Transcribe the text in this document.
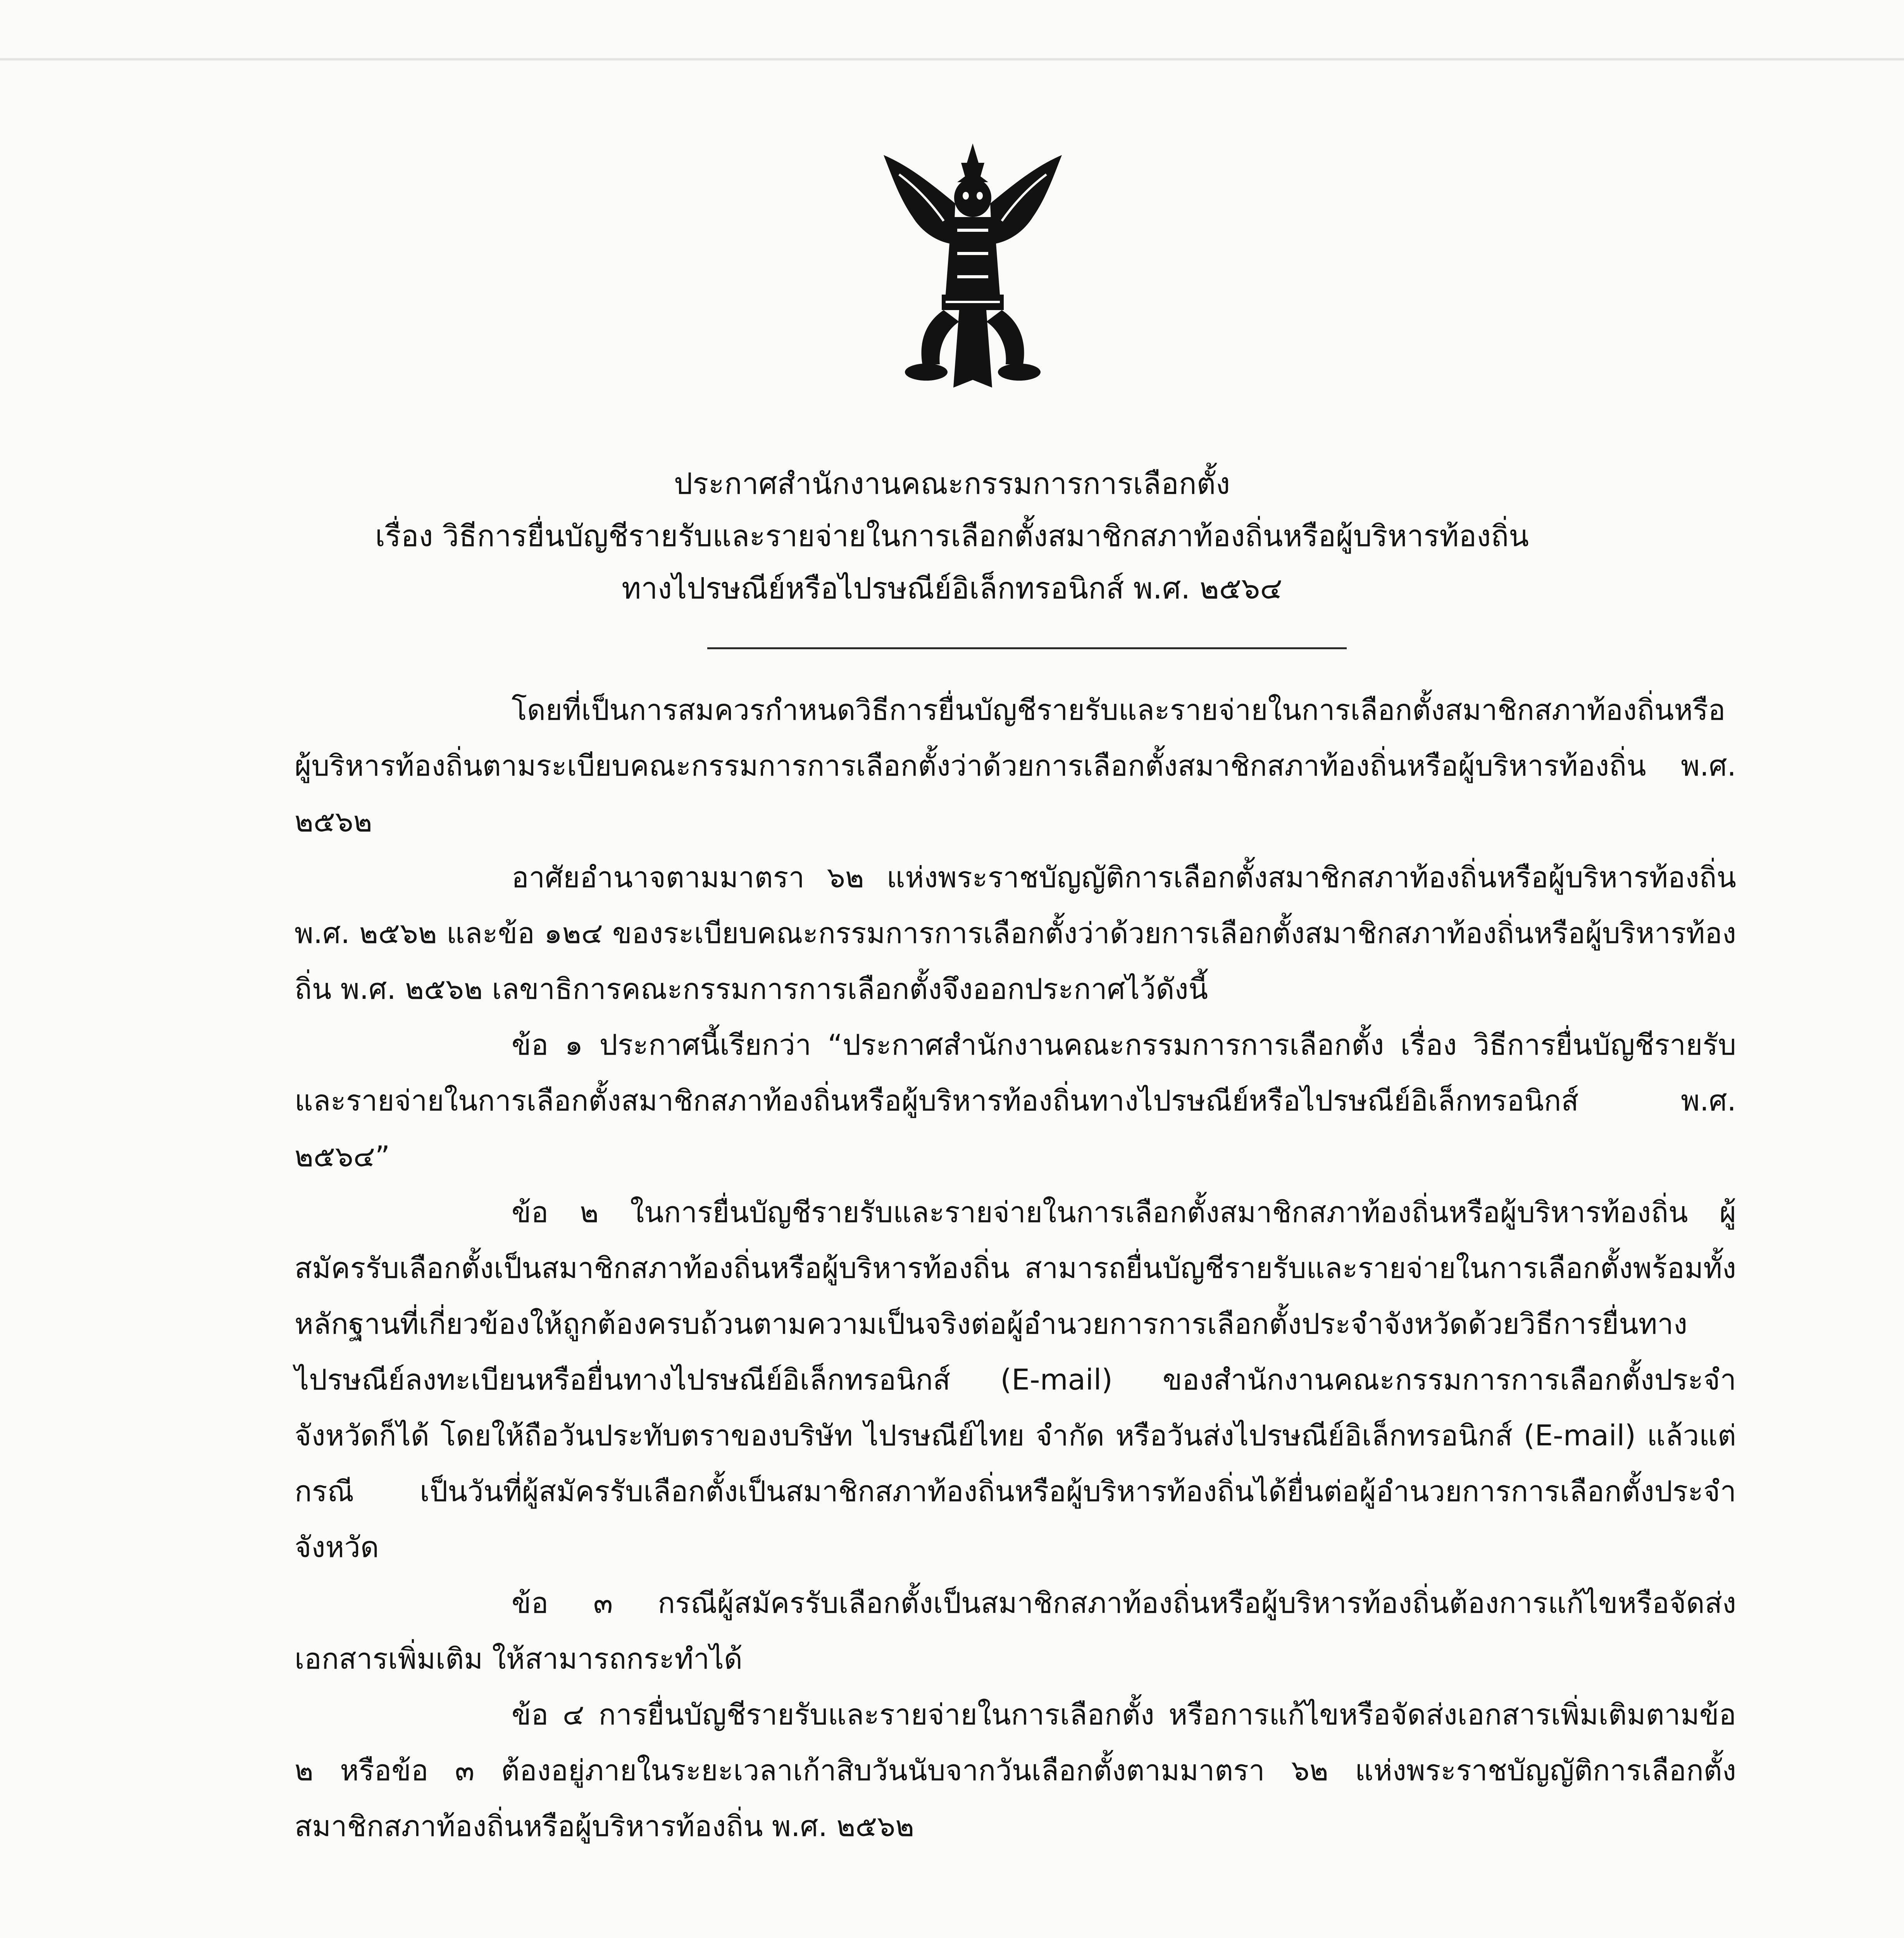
ประกาศสำนักงานคณะกรรมการการเลือกตั้ง
เรื่อง วิธีการยื่นบัญชีรายรับและรายจ่ายในการเลือกตั้งสมาชิกสภาท้องถิ่นหรือผู้บริหารท้องถิ่น
ทางไปรษณีย์หรือไปรษณีย์อิเล็กทรอนิกส์ พ.ศ. ๒๕๖๔

โดยที่เป็นการสมควรกำหนดวิธีการยื่นบัญชีรายรับและรายจ่ายในการเลือกตั้งสมาชิกสภาท้องถิ่นหรือผู้บริหารท้องถิ่นตามระเบียบคณะกรรมการการเลือกตั้งว่าด้วยการเลือกตั้งสมาชิกสภาท้องถิ่นหรือผู้บริหารท้องถิ่น พ.ศ. ๒๕๖๒

อาศัยอำนาจตามมาตรา ๖๒ แห่งพระราชบัญญัติการเลือกตั้งสมาชิกสภาท้องถิ่นหรือผู้บริหารท้องถิ่น พ.ศ. ๒๕๖๒ และข้อ ๑๒๔ ของระเบียบคณะกรรมการการเลือกตั้งว่าด้วยการเลือกตั้งสมาชิกสภาท้องถิ่นหรือผู้บริหารท้องถิ่น พ.ศ. ๒๕๖๒ เลขาธิการคณะกรรมการการเลือกตั้งจึงออกประกาศไว้ดังนี้

ข้อ ๑ ประกาศนี้เรียกว่า “ประกาศสำนักงานคณะกรรมการการเลือกตั้ง เรื่อง วิธีการยื่นบัญชีรายรับและรายจ่ายในการเลือกตั้งสมาชิกสภาท้องถิ่นหรือผู้บริหารท้องถิ่นทางไปรษณีย์หรือไปรษณีย์อิเล็กทรอนิกส์ พ.ศ. ๒๕๖๔”

ข้อ ๒ ในการยื่นบัญชีรายรับและรายจ่ายในการเลือกตั้งสมาชิกสภาท้องถิ่นหรือผู้บริหารท้องถิ่น ผู้สมัครรับเลือกตั้งเป็นสมาชิกสภาท้องถิ่นหรือผู้บริหารท้องถิ่น สามารถยื่นบัญชีรายรับและรายจ่ายในการเลือกตั้งพร้อมทั้งหลักฐานที่เกี่ยวข้องให้ถูกต้องครบถ้วนตามความเป็นจริงต่อผู้อำนวยการการเลือกตั้งประจำจังหวัดด้วยวิธีการยื่นทางไปรษณีย์ลงทะเบียนหรือยื่นทางไปรษณีย์อิเล็กทรอนิกส์ (E-mail) ของสำนักงานคณะกรรมการการเลือกตั้งประจำจังหวัดก็ได้ โดยให้ถือวันประทับตราของบริษัท ไปรษณีย์ไทย จำกัด หรือวันส่งไปรษณีย์อิเล็กทรอนิกส์ (E-mail) แล้วแต่กรณี เป็นวันที่ผู้สมัครรับเลือกตั้งเป็นสมาชิกสภาท้องถิ่นหรือผู้บริหารท้องถิ่นได้ยื่นต่อผู้อำนวยการการเลือกตั้งประจำจังหวัด

ข้อ ๓ กรณีผู้สมัครรับเลือกตั้งเป็นสมาชิกสภาท้องถิ่นหรือผู้บริหารท้องถิ่นต้องการแก้ไขหรือจัดส่งเอกสารเพิ่มเติม ให้สามารถกระทำได้

ข้อ ๔ การยื่นบัญชีรายรับและรายจ่ายในการเลือกตั้ง หรือการแก้ไขหรือจัดส่งเอกสารเพิ่มเติมตามข้อ ๒ หรือข้อ ๓ ต้องอยู่ภายในระยะเวลาเก้าสิบวันนับจากวันเลือกตั้งตามมาตรา ๖๒ แห่งพระราชบัญญัติการเลือกตั้งสมาชิกสภาท้องถิ่นหรือผู้บริหารท้องถิ่น พ.ศ. ๒๕๖๒
